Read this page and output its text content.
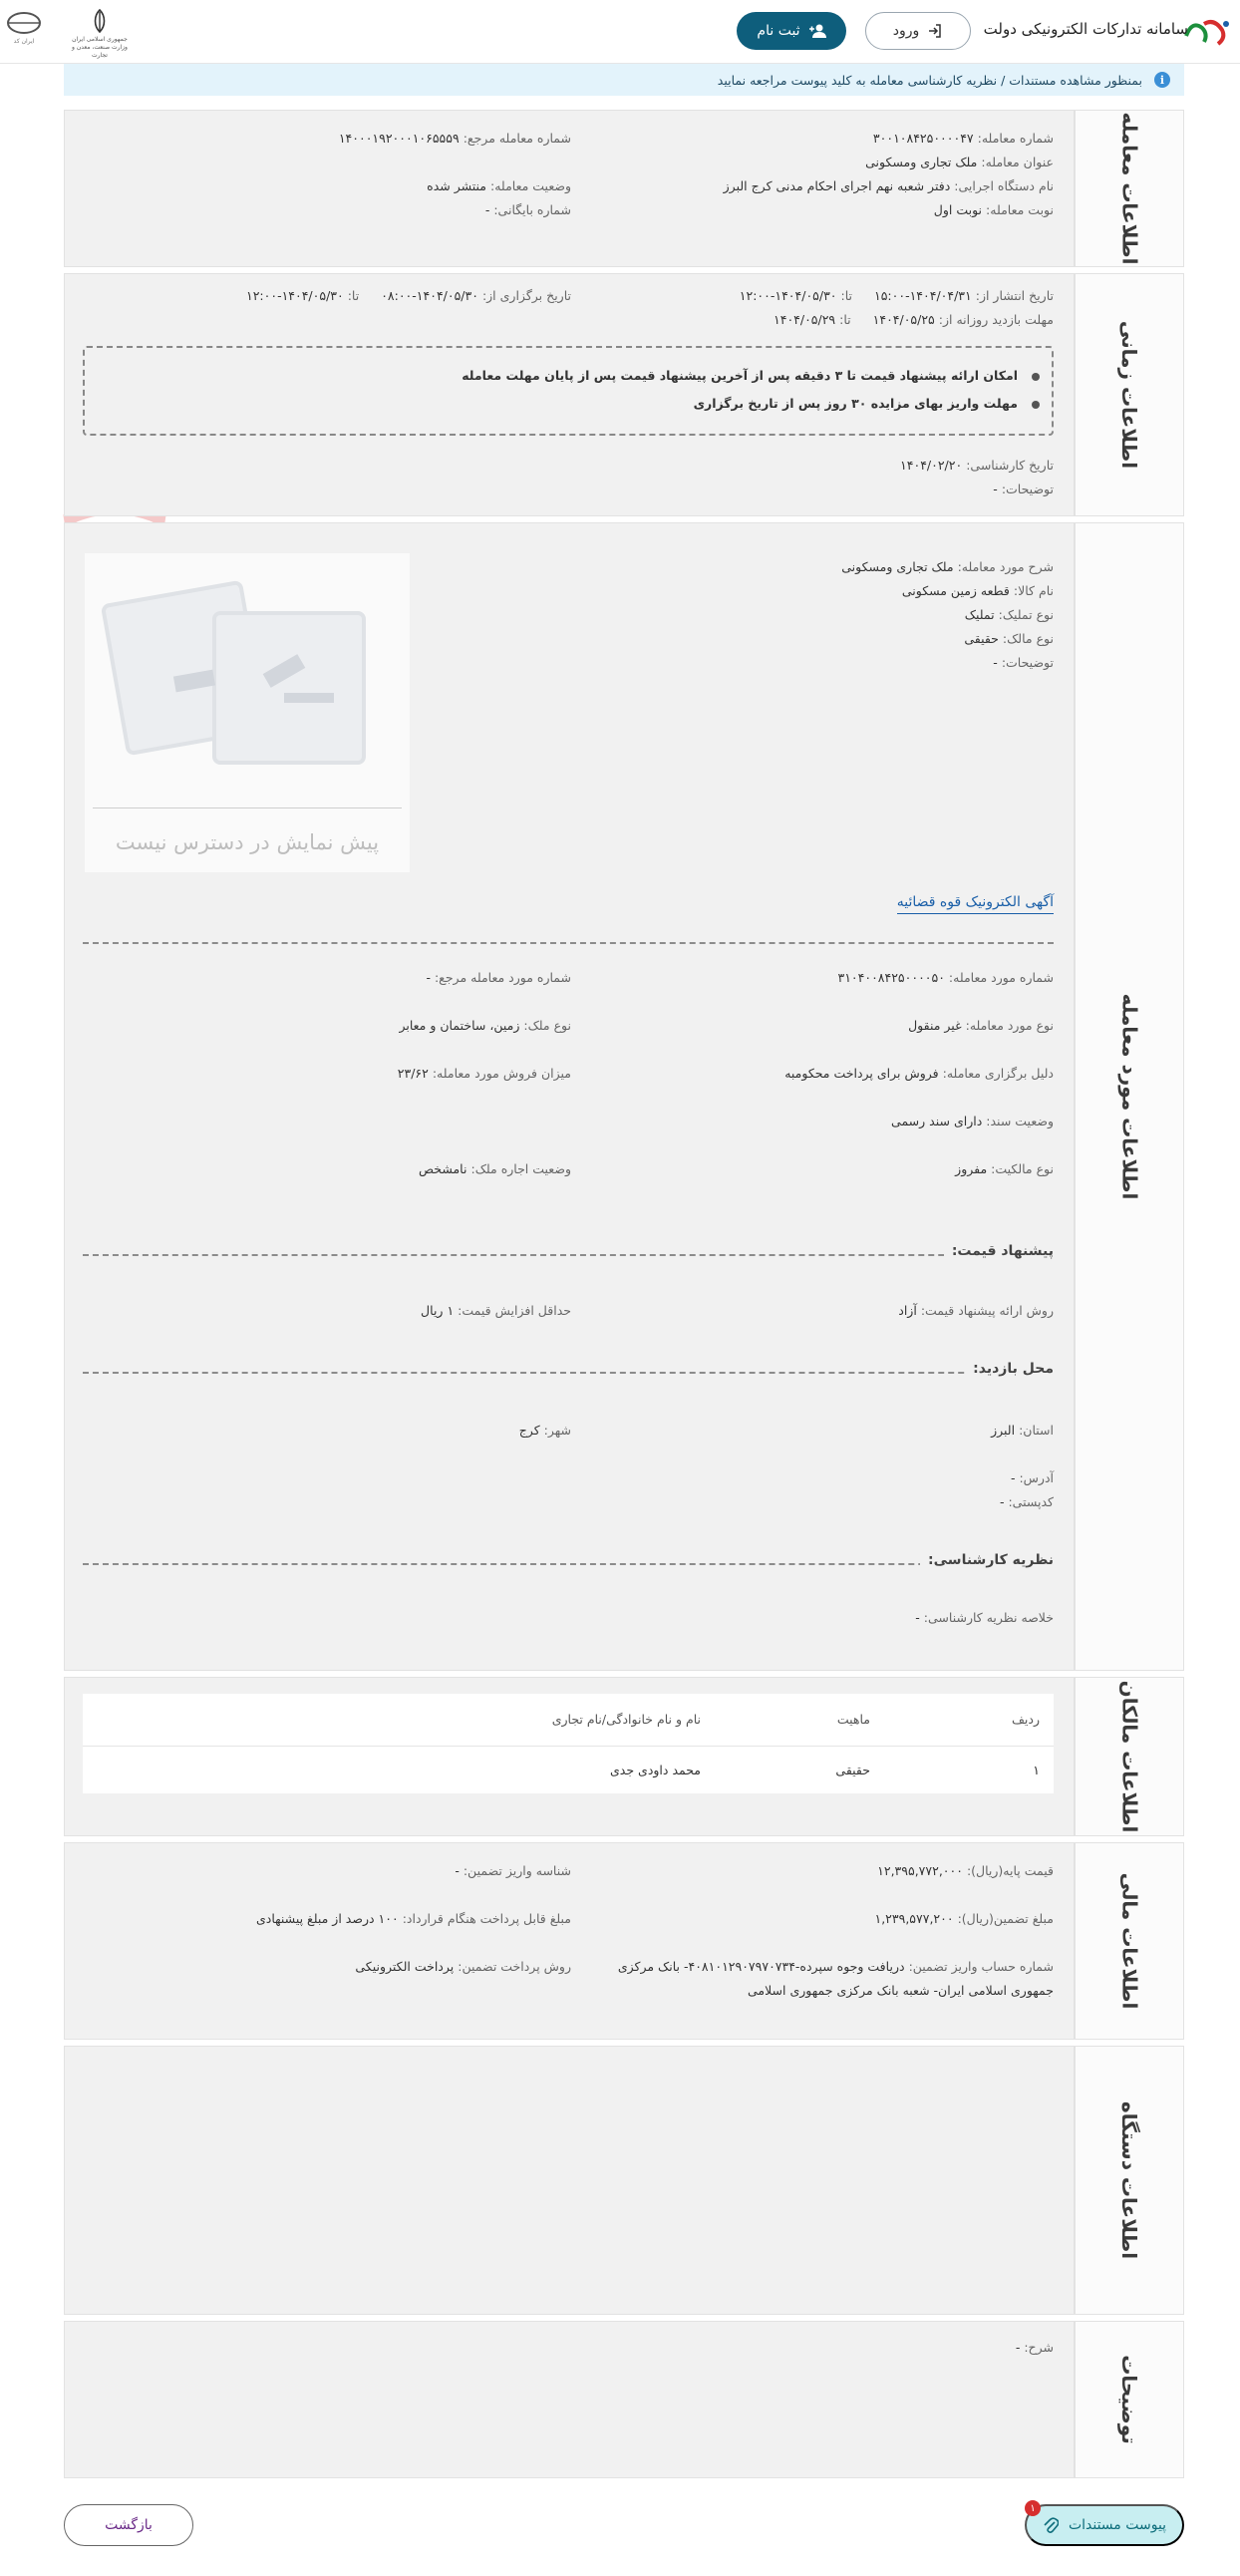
سامانه تدارکات الکترونیکی دولت
ورود
ثبت نام
جمهوری اسلامی ایران
وزارت صنعت، معدن و تجارت
ایران کد
i
بمنظور مشاهده مستندات / نظریه کارشناسی معامله به کلید پیوست مراجعه نمایید
اطلاعات معامله
شماره معامله:۳۰۰۱۰۸۴۲۵۰۰۰۰۴۷
شماره معامله مرجع:۱۴۰۰۰۱۹۲۰۰۰۱۰۶۵۵۵۹
عنوان معامله:ملک تجاری ومسکونی
نام دستگاه اجرایی:دفتر شعبه نهم اجرای احکام مدنی کرج البرز
وضعیت معامله:منتشر شده
نوبت معامله:نوبت اول
شماره بایگانی:-
اطلاعات زمانی
تاریخ انتشار از:۱۴۰۴/۰۴/۳۱-۱۵:۰۰ تا:۱۴۰۴/۰۵/۳۰-۱۲:۰۰
تاریخ برگزاری از:۱۴۰۴/۰۵/۳۰-۰۸:۰۰ تا:۱۴۰۴/۰۵/۳۰-۱۲:۰۰
مهلت بازدید روزانه از:۱۴۰۴/۰۵/۲۵ تا:۱۴۰۴/۰۵/۲۹
امکان ارائه پیشنهاد قیمت تا ۳ دقیقه پس از آخرین پیشنهاد قیمت پس از پایان مهلت معامله
مهلت واریز بهای مزایده ۳۰ روز پس از تاریخ برگزاری
تاریخ کارشناسی:۱۴۰۴/۰۲/۲۰
توضیحات:-
اطلاعات مورد معامله
شرح مورد معامله:ملک تجاری ومسکونی
نام کالا:قطعه زمین مسکونی
نوع تملیک:تملیک
نوع مالک:حقیقی
توضیحات:-
پیش نمایش در دسترس نیست
آگهی الکترونیک قوه قضائیه
شماره مورد معامله:۳۱۰۴۰۰۸۴۲۵۰۰۰۰۵۰
شماره مورد معامله مرجع:-
نوع مورد معامله:غیر منقول
نوع ملک:زمین، ساختمان و معابر
دلیل برگزاری معامله:فروش برای پرداخت محکومبه
میزان فروش مورد معامله:۲۳/۶۲
وضعیت سند:دارای سند رسمی
نوع مالکیت:مفروز
وضعیت اجاره ملک:نامشخص
پیشنهاد قیمت:
روش ارائه پیشنهاد قیمت:آزاد
حداقل افزایش قیمت:۱ ریال
محل بازدید:
استان:البرز
شهر:کرج
آدرس:-
کدپستی:-
نظریه کارشناسی:
خلاصه نظریه کارشناسی:-
اطلاعات مالکان
ردیف	ماهیت	نام و نام خانوادگی/نام تجاری
۱	حقیقی	محمد داودی جدی
اطلاعات مالی
قیمت پایه(ریال):۱۲,۳۹۵,۷۷۲,۰۰۰
شناسه واریز تضمین:-
مبلغ تضمین(ریال):۱,۲۳۹,۵۷۷,۲۰۰
مبلغ قابل پرداخت هنگام قرارداد:۱۰۰ درصد از مبلغ پیشنهادی
شماره حساب واریز تضمین:دریافت وجوه سپرده-۴۰۸۱۰۱۲۹۰۷۹۷۰۷۳۴- بانک مرکزی
جمهوری اسلامی ایران- شعبه بانک مرکزی جمهوری اسلامی
روش پرداخت تضمین:پرداخت الکترونیکی
اطلاعات دستگاه
توضیحات
شرح:-
پیوست مستندات
۱
بازگشت
